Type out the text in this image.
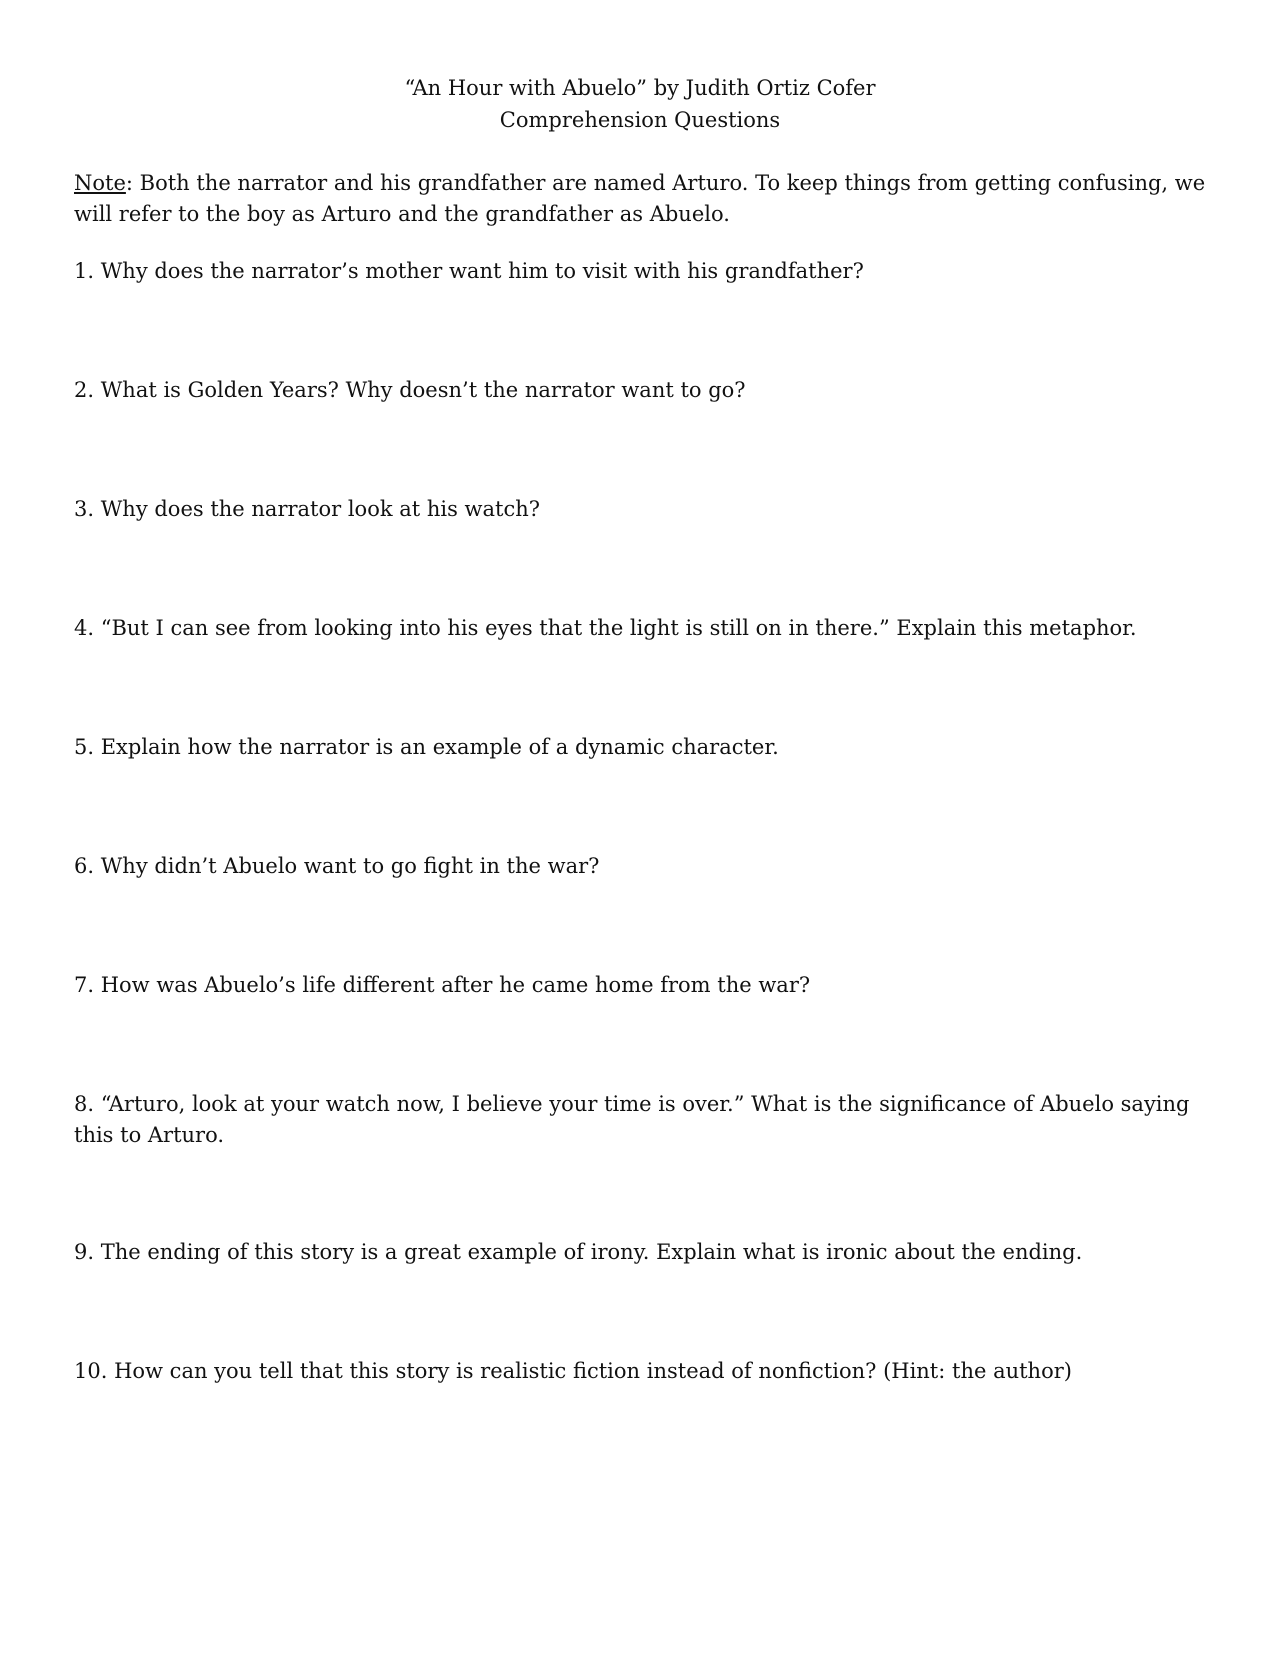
“An Hour with Abuelo” by Judith Ortiz Cofer
Comprehension Questions
Note: Both the narrator and his grandfather are named Arturo. To keep things from getting confusing, we will refer to the boy as Arturo and the grandfather as Abuelo.
1. Why does the narrator’s mother want him to visit with his grandfather?
2. What is Golden Years? Why doesn’t the narrator want to go?
3. Why does the narrator look at his watch?
4. “But I can see from looking into his eyes that the light is still on in there.” Explain this metaphor.
5. Explain how the narrator is an example of a dynamic character.
6. Why didn’t Abuelo want to go fight in the war?
7. How was Abuelo’s life different after he came home from the war?
8. “Arturo, look at your watch now, I believe your time is over.” What is the significance of Abuelo saying this to Arturo.
9. The ending of this story is a great example of irony. Explain what is ironic about the ending.
10. How can you tell that this story is realistic fiction instead of nonfiction? (Hint: the author)
